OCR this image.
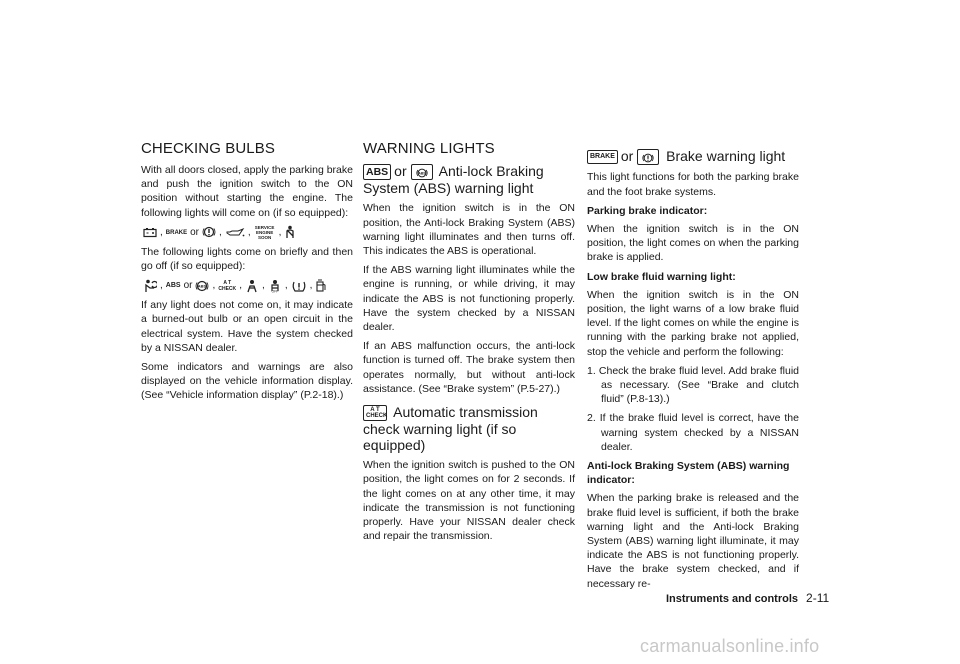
CHECKING BULBS

With all doors closed, apply the parking brake and push the ignition switch to the ON position without starting the engine. The following lights will come on (if so equipped):

, BRAKE or ,	, SERVICE ENGINE SOON ,

The following lights come on briefly and then go off (if so equipped):

, ABS or ABS ,	A T CHECK , , OFF , ,

If any light does not come on, it may indicate a burned-out bulb or an open circuit in the electrical system. Have the system checked by a NISSAN dealer.

Some indicators and warnings are also displayed on the vehicle information display. (See “Vehicle information display” (P.2-18).)

WARNING LIGHTS
ABS or	ABS Anti-lock Braking System (ABS) warning light

When the ignition switch is in the ON position, the Anti-lock Braking System (ABS) warning light illuminates and then turns off. This indicates the ABS is operational.

If the ABS warning light illuminates while the engine is running, or while driving, it may indicate the ABS is not functioning properly. Have the system checked by a NISSAN dealer.

If an ABS malfunction occurs, the anti-lock function is turned off. The brake system then operates normally, but without anti-lock assistance. (See “Brake system” (P.5-27).)

A T CHECK Automatic transmission check warning light (if so equipped)

When the ignition switch is pushed to the ON position, the light comes on for 2 seconds. If the light comes on at any other time, it may indicate the transmission is not functioning properly. Have your NISSAN dealer check and repair the transmission.

BRAKE or Brake warning light

This light functions for both the parking brake and the foot brake systems.

Parking brake indicator:

When the ignition switch is in the ON position, the light comes on when the parking brake is applied.

Low brake fluid warning light:

When the ignition switch is in the ON position, the light warns of a low brake fluid level. If the light comes on while the engine is running with the parking brake not applied, stop the vehicle and perform the following:

1. Check the brake fluid level. Add brake fluid as necessary. (See “Brake and clutch fluid” (P.8-13).)
2. If the brake fluid level is correct, have the warning system checked by a NISSAN dealer.

Anti-lock Braking System (ABS) warning indicator:

When the parking brake is released and the brake fluid level is sufficient, if both the brake warning light and the Anti-lock Braking System (ABS) warning light illuminate, it may indicate the ABS is not functioning properly. Have the brake system checked, and if necessary re-

Instruments and controls 2-11
carmanualsonline.info
